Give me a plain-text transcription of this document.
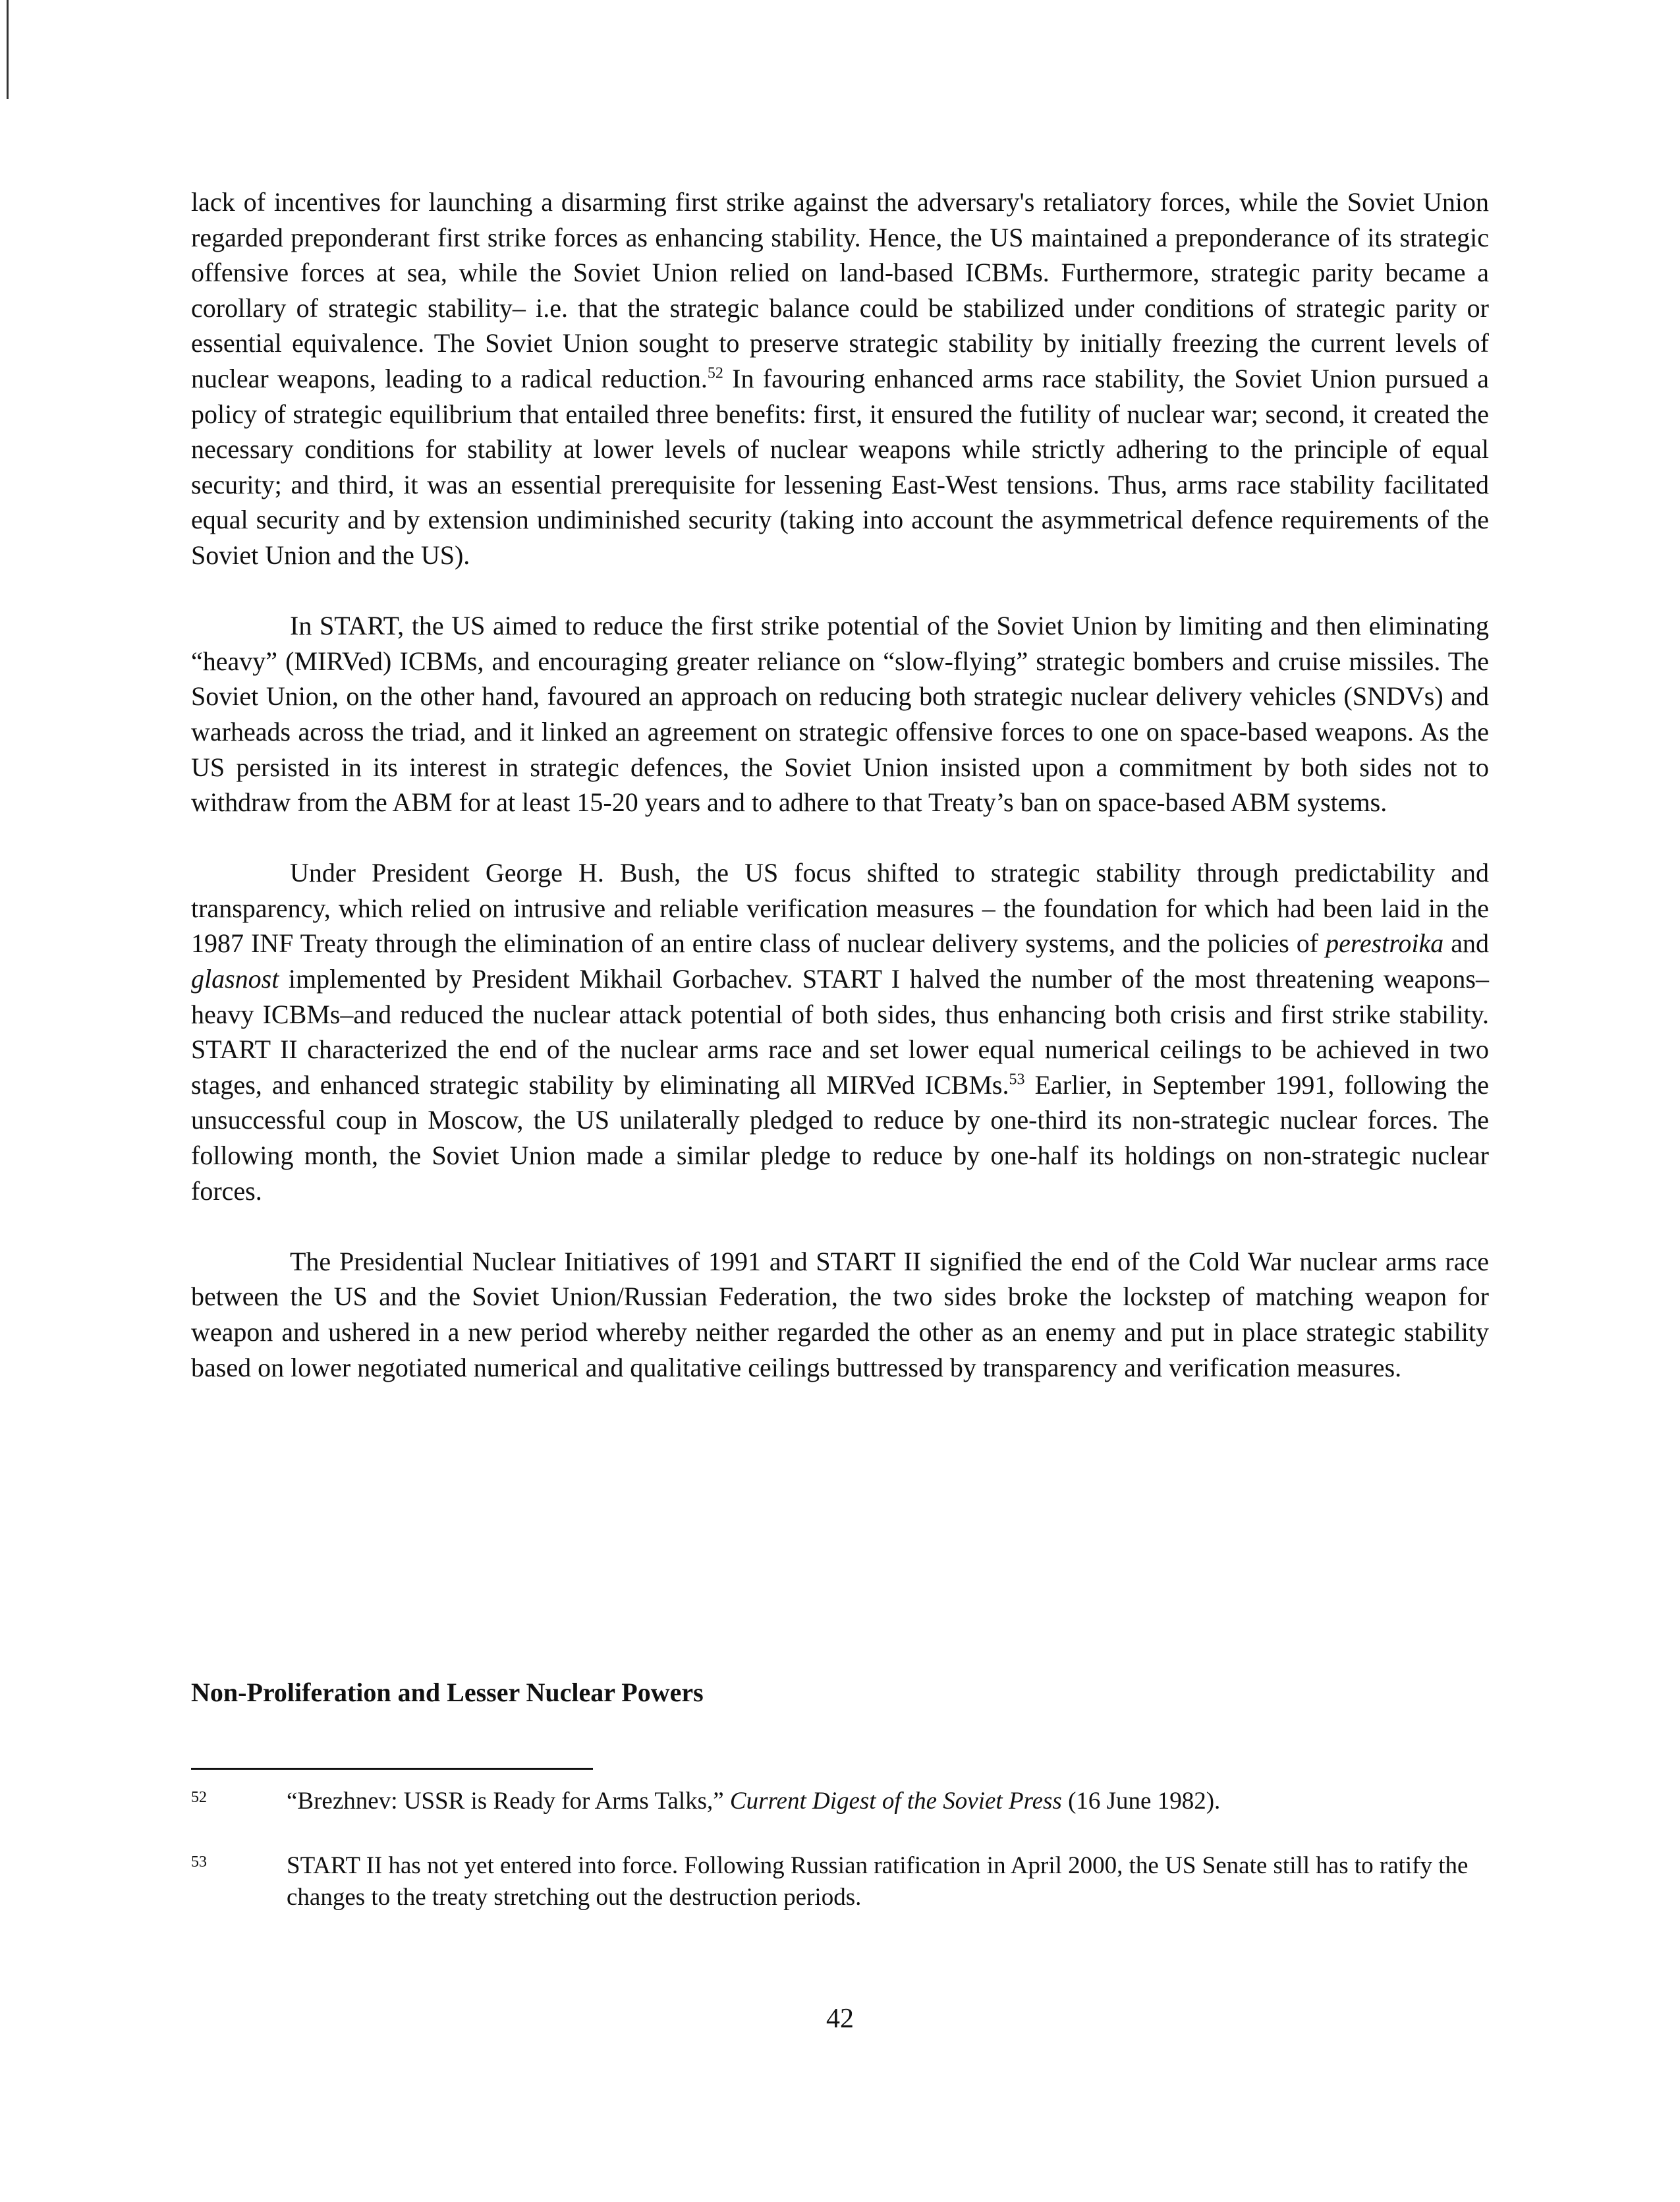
lack of incentives for launching a disarming first strike against the adversary's retaliatory forces, while the Soviet Union regarded preponderant first strike forces as enhancing stability. Hence, the US maintained a preponderance of its strategic offensive forces at sea, while the Soviet Union relied on land-based ICBMs. Furthermore, strategic parity became a corollary of strategic stability– i.e. that the strategic balance could be stabilized under conditions of strategic parity or essential equivalence. The Soviet Union sought to preserve strategic stability by initially freezing the current levels of nuclear weapons, leading to a radical reduction.$^{52}$ In favouring enhanced arms race stability, the Soviet Union pursued a policy of strategic equilibrium that entailed three benefits: first, it ensured the futility of nuclear war; second, it created the necessary conditions for stability at lower levels of nuclear weapons while strictly adhering to the principle of equal security; and third, it was an essential prerequisite for lessening East-West tensions. Thus, arms race stability facilitated equal security and by extension undiminished security (taking into account the asymmetrical defence requirements of the Soviet Union and the US).

In START, the US aimed to reduce the first strike potential of the Soviet Union by limiting and then eliminating “heavy” (MIRVed) ICBMs, and encouraging greater reliance on “slow-flying” strategic bombers and cruise missiles. The Soviet Union, on the other hand, favoured an approach on reducing both strategic nuclear delivery vehicles (SNDVs) and warheads across the triad, and it linked an agreement on strategic offensive forces to one on space-based weapons. As the US persisted in its interest in strategic defences, the Soviet Union insisted upon a commitment by both sides not to withdraw from the ABM for at least 15-20 years and to adhere to that Treaty’s ban on space-based ABM systems.

Under President George H. Bush, the US focus shifted to strategic stability through predictability and transparency, which relied on intrusive and reliable verification measures – the foundation for which had been laid in the 1987 INF Treaty through the elimination of an entire class of nuclear delivery systems, and the policies of perestroika and glasnost implemented by President Mikhail Gorbachev. START I halved the number of the most threatening weapons–heavy ICBMs–and reduced the nuclear attack potential of both sides, thus enhancing both crisis and first strike stability. START II characterized the end of the nuclear arms race and set lower equal numerical ceilings to be achieved in two stages, and enhanced strategic stability by eliminating all MIRVed ICBMs.$^{53}$ Earlier, in September 1991, following the unsuccessful coup in Moscow, the US unilaterally pledged to reduce by one-third its non-strategic nuclear forces. The following month, the Soviet Union made a similar pledge to reduce by one-half its holdings on non-strategic nuclear forces.

The Presidential Nuclear Initiatives of 1991 and START II signified the end of the Cold War nuclear arms race between the US and the Soviet Union/Russian Federation, the two sides broke the lockstep of matching weapon for weapon and ushered in a new period whereby neither regarded the other as an enemy and put in place strategic stability based on lower negotiated numerical and qualitative ceilings buttressed by transparency and verification measures.

Non-Proliferation and Lesser Nuclear Powers
52	“Brezhnev: USSR is Ready for Arms Talks,” Current Digest of the Soviet Press (16 June 1982).
53	START II has not yet entered into force. Following Russian ratification in April 2000, the US Senate still has to ratify the changes to the treaty stretching out the destruction periods.
42
